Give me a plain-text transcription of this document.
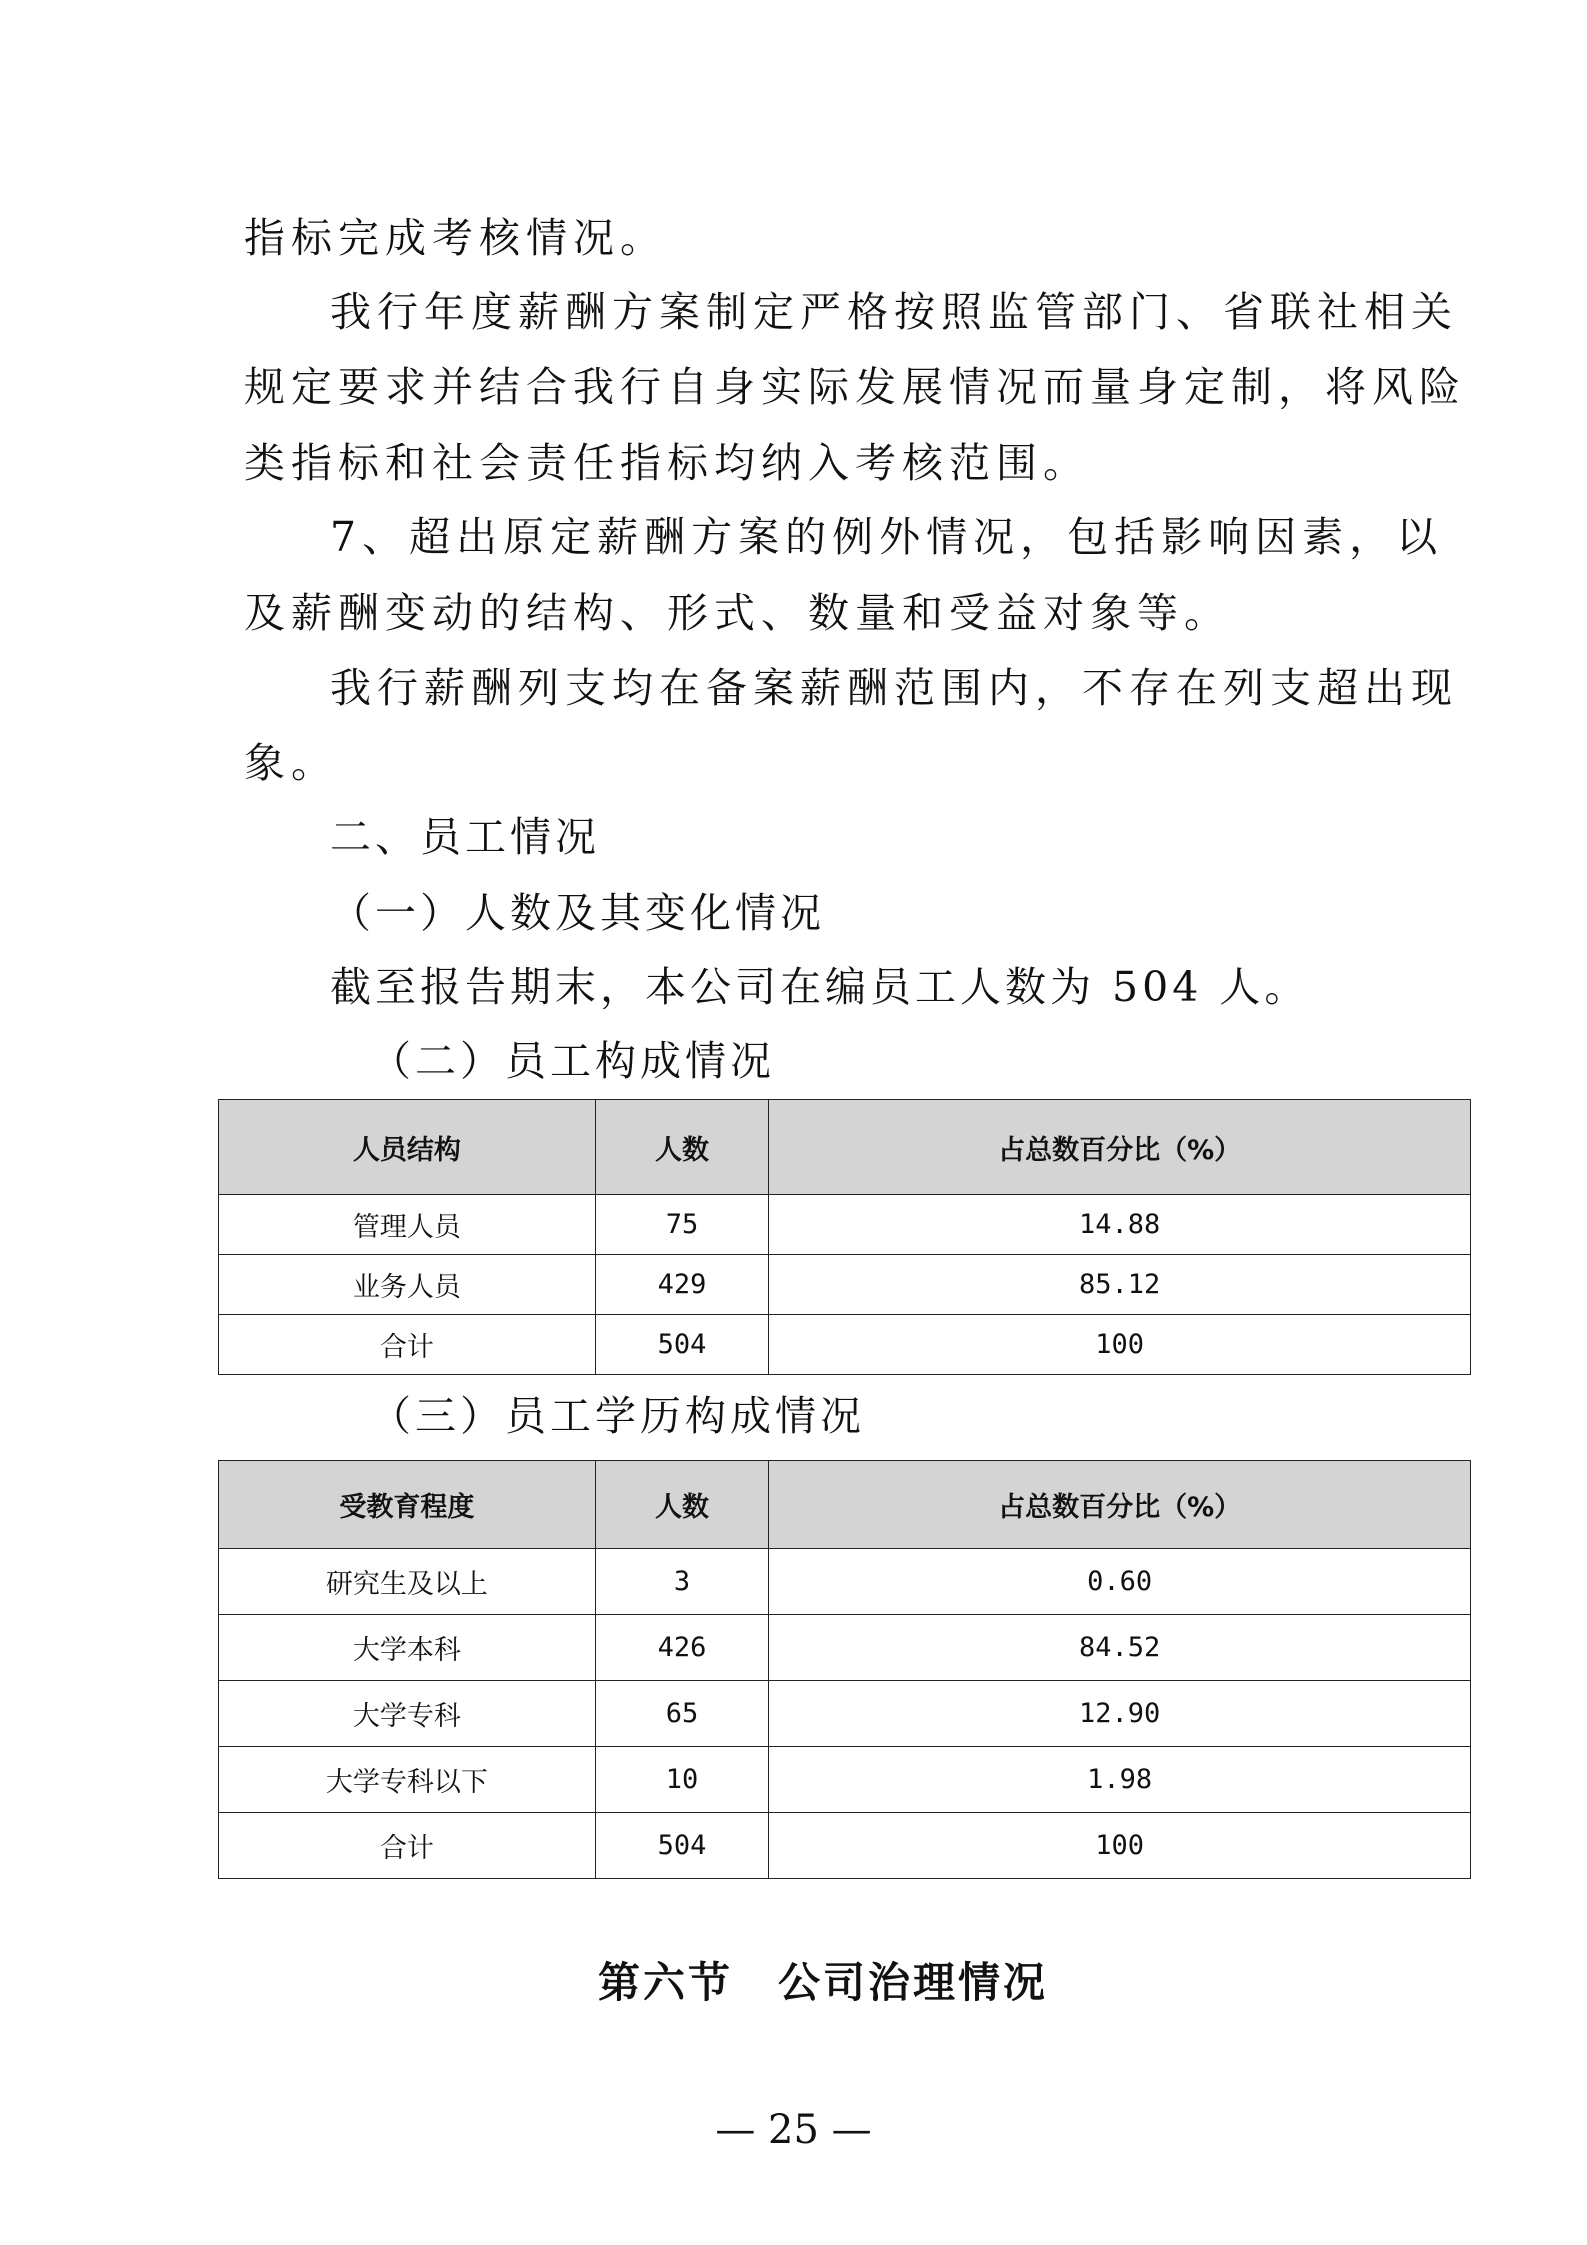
指标完成考核情况。
我行年度薪酬方案制定严格按照监管部门、省联社相关
规定要求并结合我行自身实际发展情况而量身定制，将风险
类指标和社会责任指标均纳入考核范围。
7、超出原定薪酬方案的例外情况，包括影响因素，以
及薪酬变动的结构、形式、数量和受益对象等。
我行薪酬列支均在备案薪酬范围内，不存在列支超出现
象。
二、员工情况
（一）人数及其变化情况
截至报告期末，本公司在编员工人数为 504 人。
（二）员工构成情况
人员结构	人数	占总数百分比（%）
管理人员	75	14.88
业务人员	429	85.12
合计	504	100
（三）员工学历构成情况
受教育程度	人数	占总数百分比（%）
研究生及以上	3	0.60
大学本科	426	84.52
大学专科	65	12.90
大学专科以下	10	1.98
合计	504	100
第六节　公司治理情况
— 25 —
